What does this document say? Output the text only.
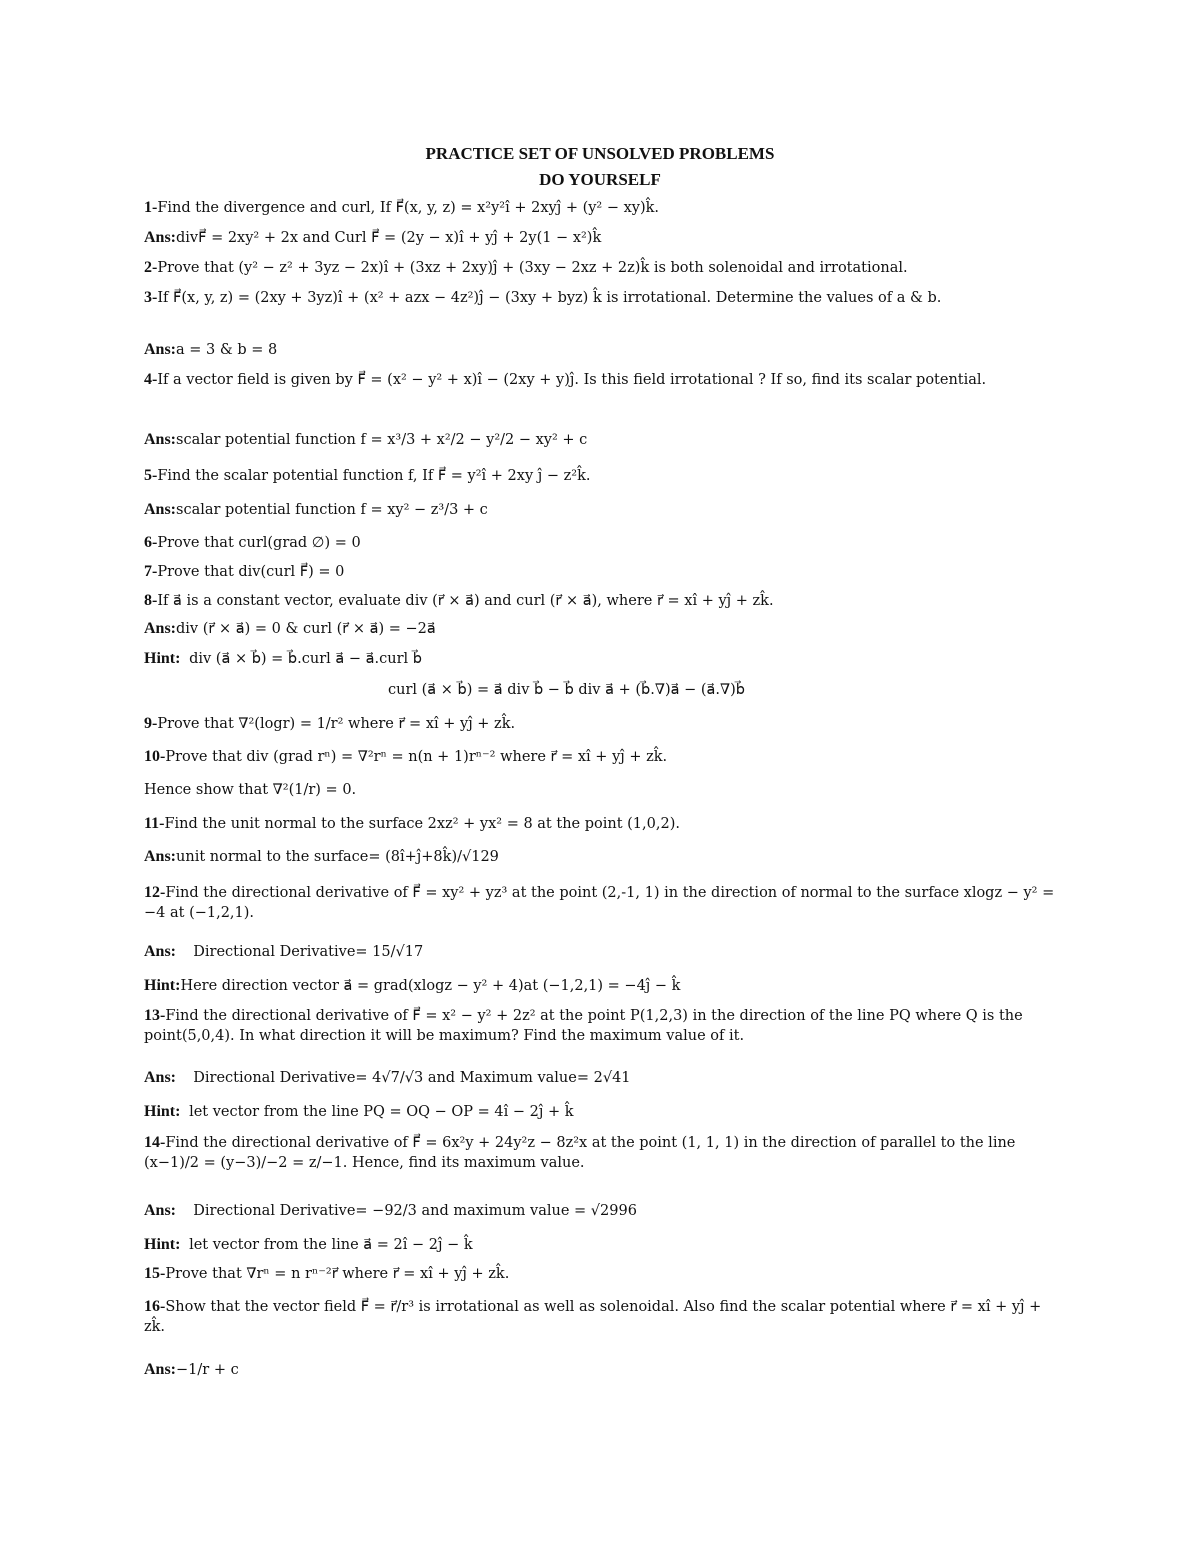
PRACTICE SET OF UNSOLVED PROBLEMS
DO YOURSELF
1-Find the divergence and curl, If F⃗(x, y, z) = x²y²î + 2xyĵ + (y² − xy)k̂.
Ans:divF⃗ = 2xy² + 2x and Curl F⃗ = (2y − x)î + yĵ + 2y(1 − x²)k̂
2-Prove that (y² − z² + 3yz − 2x)î + (3xz + 2xy)ĵ + (3xy − 2xz + 2z)k̂ is both solenoidal and irrotational.
3-If F⃗(x, y, z) = (2xy + 3yz)î + (x² + azx − 4z²)ĵ − (3xy + byz) k̂ is irrotational. Determine the values of a & b.
Ans:a = 3 & b = 8
4-If a vector field is given by F⃗ = (x² − y² + x)î − (2xy + y)ĵ. Is this field irrotational ? If so, find its scalar potential.
Ans:scalar potential function f = x³/3 + x²/2 − y²/2 − xy² + c
5-Find the scalar potential function f, If F⃗ = y²î + 2xy ĵ − z²k̂.
Ans:scalar potential function f = xy² − z³/3 + c
6-Prove that curl(grad ∅) = 0
7-Prove that div(curl F⃗) = 0
8-If a⃗ is a constant vector, evaluate div (r⃗ × a⃗) and curl (r⃗ × a⃗), where r⃗ = xî + yĵ + zk̂.
Ans:div (r⃗ × a⃗) = 0 & curl (r⃗ × a⃗) = −2a⃗
Hint: div (a⃗ × b⃗) = b⃗.curl a⃗ − a⃗.curl b⃗
curl (a⃗ × b⃗) = a⃗ div b⃗ − b⃗ div a⃗ + (b⃗.∇)a⃗ − (a⃗.∇)b⃗
9-Prove that ∇²(logr) = 1/r² where r⃗ = xî + yĵ + zk̂.
10-Prove that div (grad rⁿ) = ∇²rⁿ = n(n + 1)rⁿ⁻² where r⃗ = xî + yĵ + zk̂.
Hence show that ∇²(1/r) = 0.
11-Find the unit normal to the surface 2xz² + yx² = 8 at the point (1,0,2).
Ans:unit normal to the surface= (8î+ĵ+8k̂)/√129
12-Find the directional derivative of F⃗ = xy² + yz³ at the point (2,-1, 1) in the direction of normal to the surface xlogz − y² = −4 at (−1,2,1).
Ans: Directional Derivative= 15/√17
Hint:Here direction vector a⃗ = grad(xlogz − y² + 4)at (−1,2,1) = −4ĵ − k̂
13-Find the directional derivative of F⃗ = x² − y² + 2z² at the point P(1,2,3) in the direction of the line PQ where Q is the point(5,0,4). In what direction it will be maximum? Find the maximum value of it.
Ans: Directional Derivative= 4√7/√3 and Maximum value= 2√41
Hint: let vector from the line PQ = OQ − OP = 4î − 2ĵ + k̂
14-Find the directional derivative of F⃗ = 6x²y + 24y²z − 8z²x at the point (1, 1, 1) in the direction of parallel to the line (x−1)/2 = (y−3)/−2 = z/−1. Hence, find its maximum value.
Ans: Directional Derivative= −92/3 and maximum value = √2996
Hint: let vector from the line a⃗ = 2î − 2ĵ − k̂
15-Prove that ∇rⁿ = n rⁿ⁻²r⃗ where r⃗ = xî + yĵ + zk̂.
16-Show that the vector field F⃗ = r⃗/r³ is irrotational as well as solenoidal. Also find the scalar potential where r⃗ = xî + yĵ + zk̂.
Ans:−1/r + c
